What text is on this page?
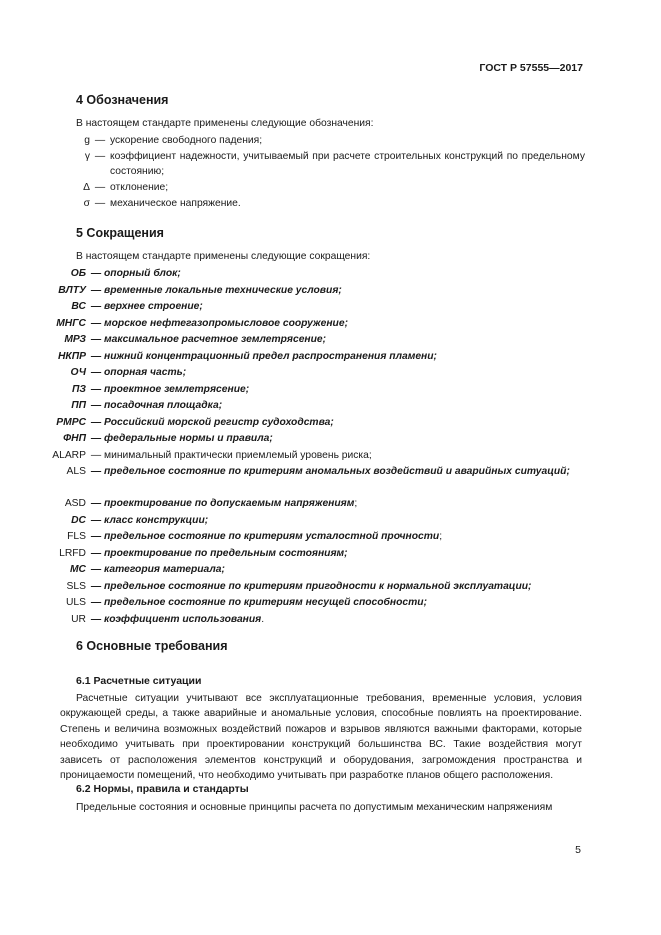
ГОСТ Р 57555—2017
4 Обозначения
В настоящем стандарте применены следующие обозначения:
g — ускорение свободного падения;
γ — коэффициент надежности, учитываемый при расчете строительных конструкций по предельному состоянию;
Δ — отклонение;
σ — механическое напряжение.
5 Сокращения
В настоящем стандарте применены следующие сокращения:
ОБ — опорный блок;
ВЛТУ — временные локальные технические условия;
ВС — верхнее строение;
МНГС — морское нефтегазопромысловое сооружение;
МРЗ — максимальное расчетное землетрясение;
НКПР — нижний концентрационный предел распространения пламени;
ОЧ — опорная часть;
ПЗ — проектное землетрясение;
ПП — посадочная площадка;
РМРС — Российский морской регистр судоходства;
ФНП — федеральные нормы и правила;
ALARP — минимальный практически приемлемый уровень риска;
ALS — предельное состояние по критериям аномальных воздействий и аварийных ситуаций;
ASD — проектирование по допускаемым напряжениям;
DC — класс конструкции;
FLS — предельное состояние по критериям усталостной прочности;
LRFD — проектирование по предельным состояниям;
МС — категория материала;
SLS — предельное состояние по критериям пригодности к нормальной эксплуатации;
ULS — предельное состояние по критериям несущей способности;
UR — коэффициент использования.
6 Основные требования
6.1 Расчетные ситуации
Расчетные ситуации учитывают все эксплуатационные требования, временные условия, условия окружающей среды, а также аварийные и аномальные условия, способные повлиять на проектирование. Степень и величина возможных воздействий пожаров и взрывов являются важными факторами, которые необходимо учитывать при проектировании конструкций большинства ВС. Такие воздействия могут зависеть от расположения элементов конструкций и оборудования, загромождения пространства и проницаемости помещений, что необходимо учитывать при разработке планов общего расположения.
6.2 Нормы, правила и стандарты
Предельные состояния и основные принципы расчета по допустимым механическим напряжениям
5
